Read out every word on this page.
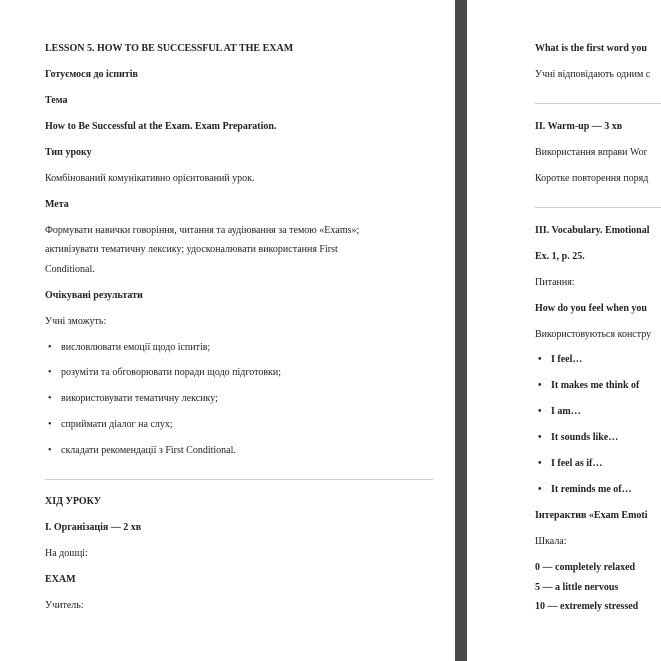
LESSON 5. HOW TO BE SUCCESSFUL AT THE EXAM
Готуємося до іспитів
Тема
How to Be Successful at the Exam. Exam Preparation.
Тип уроку
Комбінований комунікативно орієнтований урок.
Мета
Формувати навички говоріння, читання та аудіювання за темою «Exams»;
активізувати тематичну лексику; удосконалювати використання First
Conditional.
Очікувані результати
Учні зможуть:
• висловлювати емоції щодо іспитів;
• розуміти та обговорювати поради щодо підготовки;
• використовувати тематичну лексику;
• сприймати діалог на слух;
• складати рекомендації з First Conditional.
ХІД УРОКУ
I. Організація — 2 хв
На дошці:
EXAM
Учитель:
What is the first word you
Учні відповідають одним с
II. Warm-up — 3 хв
Використання вправи Wor
Коротке повторення поряд
III. Vocabulary. Emotional
Ex. 1, p. 25.
Питання:
How do you feel when you
Використовуються констру
• I feel…
• It makes me think of
• I am…
• It sounds like…
• I feel as if…
• It reminds me of…
Інтерактив «Exam Emoti
Шкала:
0 — completely relaxed
5 — a little nervous
10 — extremely stressed
